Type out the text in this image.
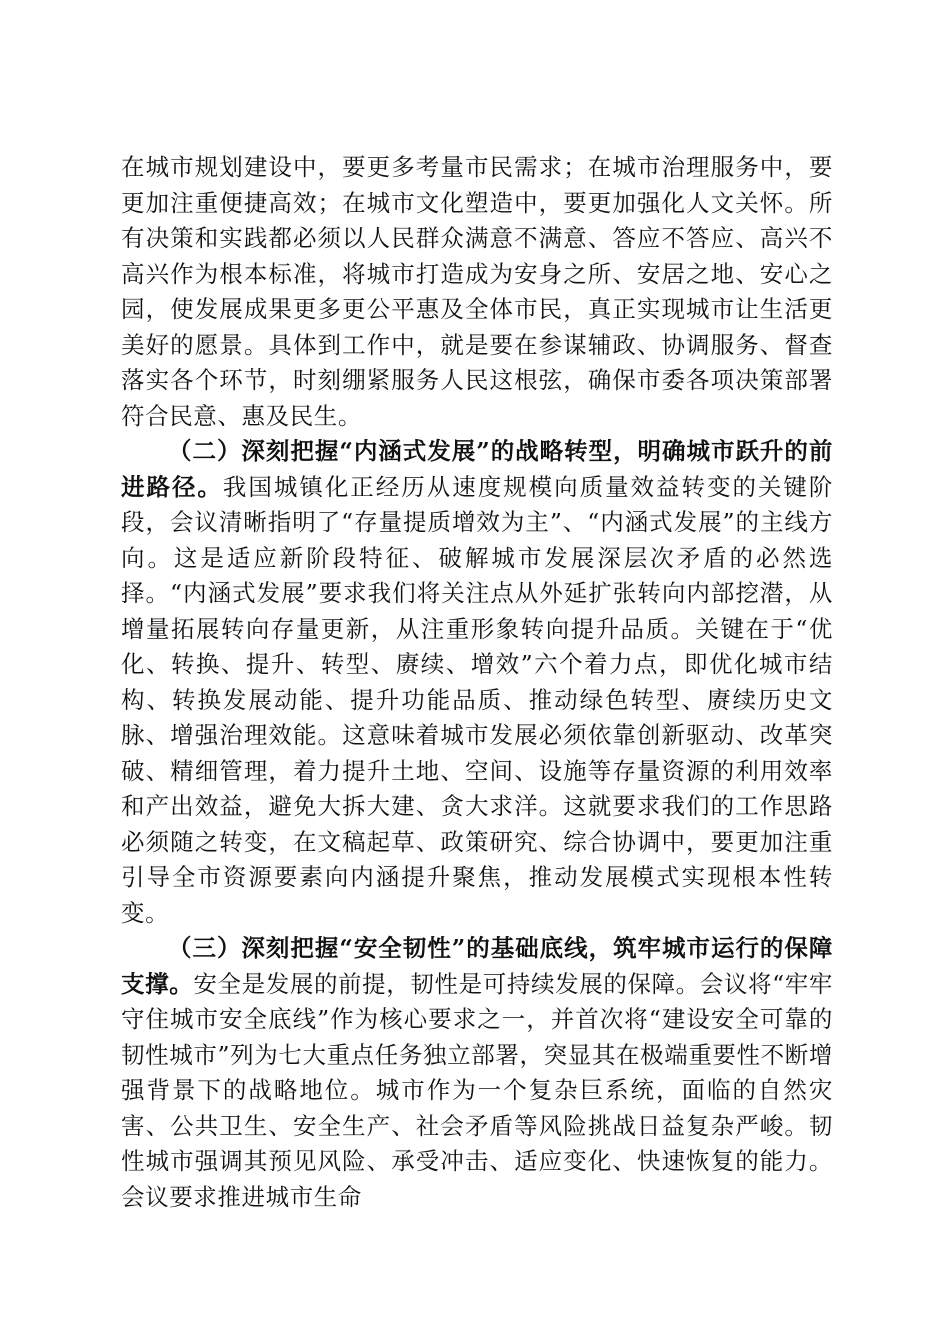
在城市规划建设中，要更多考量市民需求；在城市治理服务中，要更加注重便捷高效；在城市文化塑造中，要更加强化人文关怀。所有决策和实践都必须以人民群众满意不满意、答应不答应、高兴不高兴作为根本标准，将城市打造成为安身之所、安居之地、安心之园，使发展成果更多更公平惠及全体市民，真正实现城市让生活更美好的愿景。具体到工作中，就是要在参谋辅政、协调服务、督查落实各个环节，时刻绷紧服务人民这根弦，确保市委各项决策部署符合民意、惠及民生。

（二）深刻把握“内涵式发展”的战略转型，明确城市跃升的前进路径。我国城镇化正经历从速度规模向质量效益转变的关键阶段，会议清晰指明了“存量提质增效为主”、“内涵式发展”的主线方向。这是适应新阶段特征、破解城市发展深层次矛盾的必然选择。“内涵式发展”要求我们将关注点从外延扩张转向内部挖潜，从增量拓展转向存量更新，从注重形象转向提升品质。关键在于“优化、转换、提升、转型、赓续、增效”六个着力点，即优化城市结构、转换发展动能、提升功能品质、推动绿色转型、赓续历史文脉、增强治理效能。这意味着城市发展必须依靠创新驱动、改革突破、精细管理，着力提升土地、空间、设施等存量资源的利用效率和产出效益，避免大拆大建、贪大求洋。这就要求我们的工作思路必须随之转变，在文稿起草、政策研究、综合协调中，要更加注重引导全市资源要素向内涵提升聚焦，推动发展模式实现根本性转变。

（三）深刻把握“安全韧性”的基础底线，筑牢城市运行的保障支撑。安全是发展的前提，韧性是可持续发展的保障。会议将“牢牢守住城市安全底线”作为核心要求之一，并首次将“建设安全可靠的韧性城市”列为七大重点任务独立部署，突显其在极端重要性不断增强背景下的战略地位。城市作为一个复杂巨系统，面临的自然灾害、公共卫生、安全生产、社会矛盾等风险挑战日益复杂严峻。韧性城市强调其预见风险、承受冲击、适应变化、快速恢复的能力。会议要求推进城市生命
